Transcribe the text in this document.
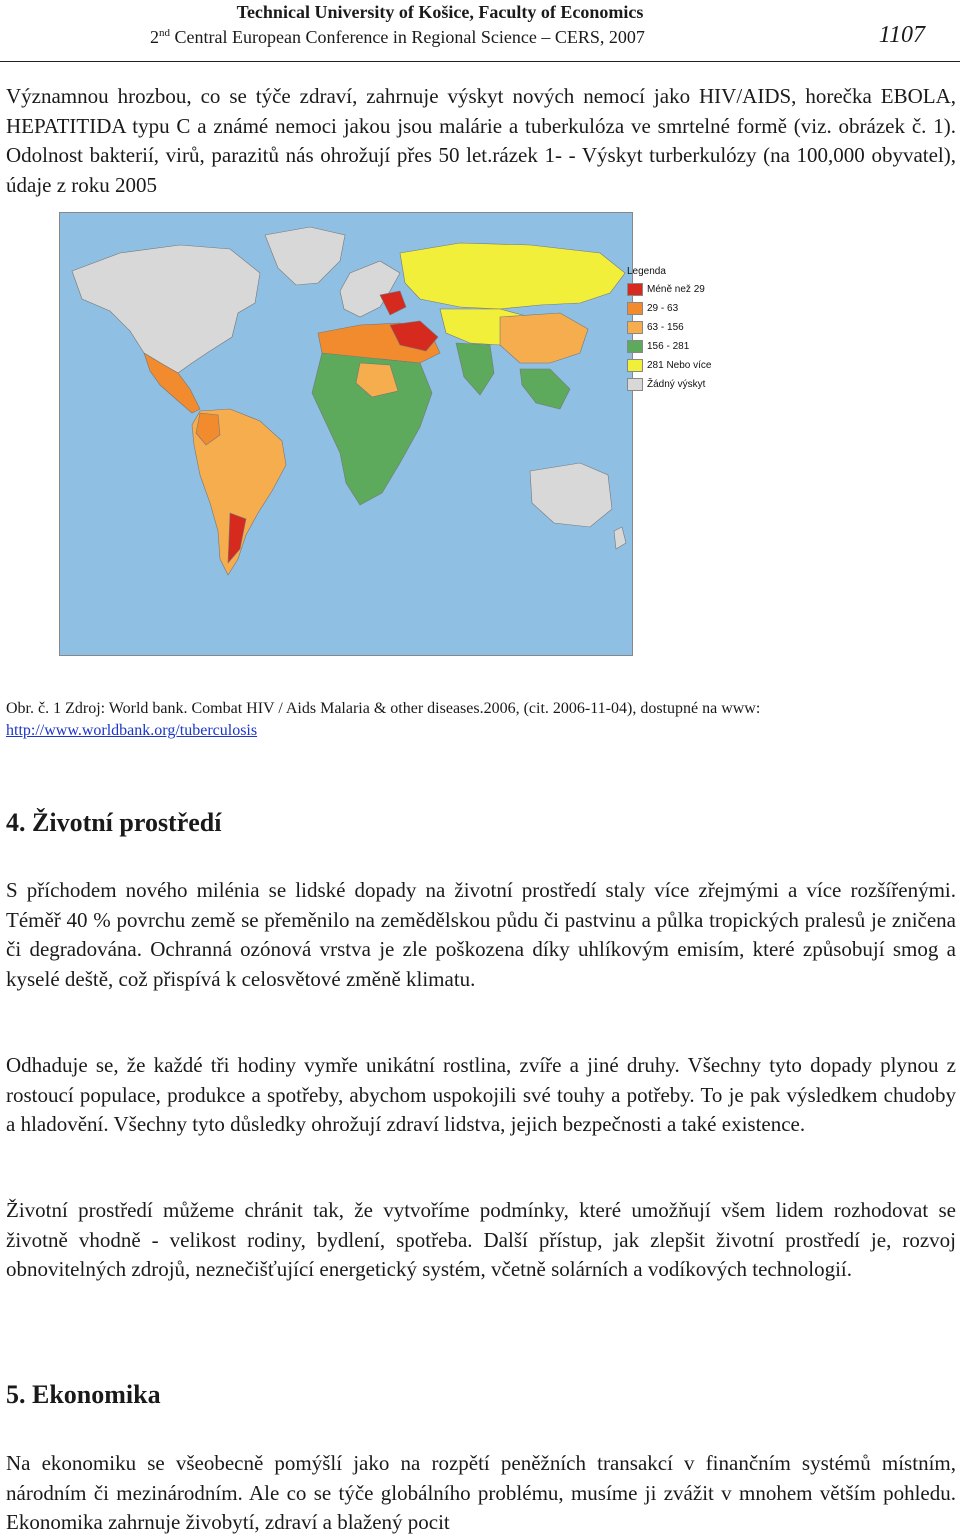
Technical University of Košice, Faculty of Economics
2nd Central European Conference in Regional Science – CERS, 2007	1107

Významnou hrozbou, co se týče zdraví, zahrnuje výskyt nových nemocí jako HIV/AIDS, horečka EBOLA, HEPATITIDA typu C a známé nemoci jakou jsou malárie a tuberkulóza ve smrtelné formě (viz. obrázek č. 1). Odolnost bakterií, virů, parazitů nás ohrožují přes 50 let.rázek 1- - Výskyt turberkulózy (na 100,000 obyvatel), údaje z roku 2005

Legenda
Méně než 29
29 - 63
63 - 156
156 - 281
281 Nebo více
Žádný výskyt
Obr. č. 1 Zdroj: World bank. Combat HIV / Aids Malaria & other diseases.2006, (cit. 2006-11-04), dostupné na www:
http://www.worldbank.org/tuberculosis
4. Životní prostředí

S příchodem nového milénia se lidské dopady na životní prostředí staly více zřejmými a více rozšířenými. Téměř 40 % povrchu země se přeměnilo na zemědělskou půdu či pastvinu a půlka tropických pralesů je zničena či degradována. Ochranná ozónová vrstva je zle poškozena díky uhlíkovým emisím, které způsobují smog a kyselé deště, což přispívá k celosvětové změně klimatu.

Odhaduje se, že každé tři hodiny vymře unikátní rostlina, zvíře a jiné druhy. Všechny tyto dopady plynou z rostoucí populace, produkce a spotřeby, abychom uspokojili své touhy a potřeby. To je pak výsledkem chudoby a hladovění. Všechny tyto důsledky ohrožují zdraví lidstva, jejich bezpečnosti a také existence.

Životní prostředí můžeme chránit tak, že vytvoříme podmínky, které umožňují všem lidem rozhodovat se životně vhodně - velikost rodiny, bydlení, spotřeba. Další přístup, jak zlepšit životní prostředí je, rozvoj obnovitelných zdrojů, neznečišťující energetický systém, včetně solárních a vodíkových technologií.

5. Ekonomika

Na ekonomiku se všeobecně pomýšlí jako na rozpětí peněžních transakcí v finančním systémů místním, národním či mezinárodním. Ale co se týče globálního problému, musíme ji zvážit v mnohem větším pohledu. Ekonomika zahrnuje živobytí, zdraví a blažený pocit
